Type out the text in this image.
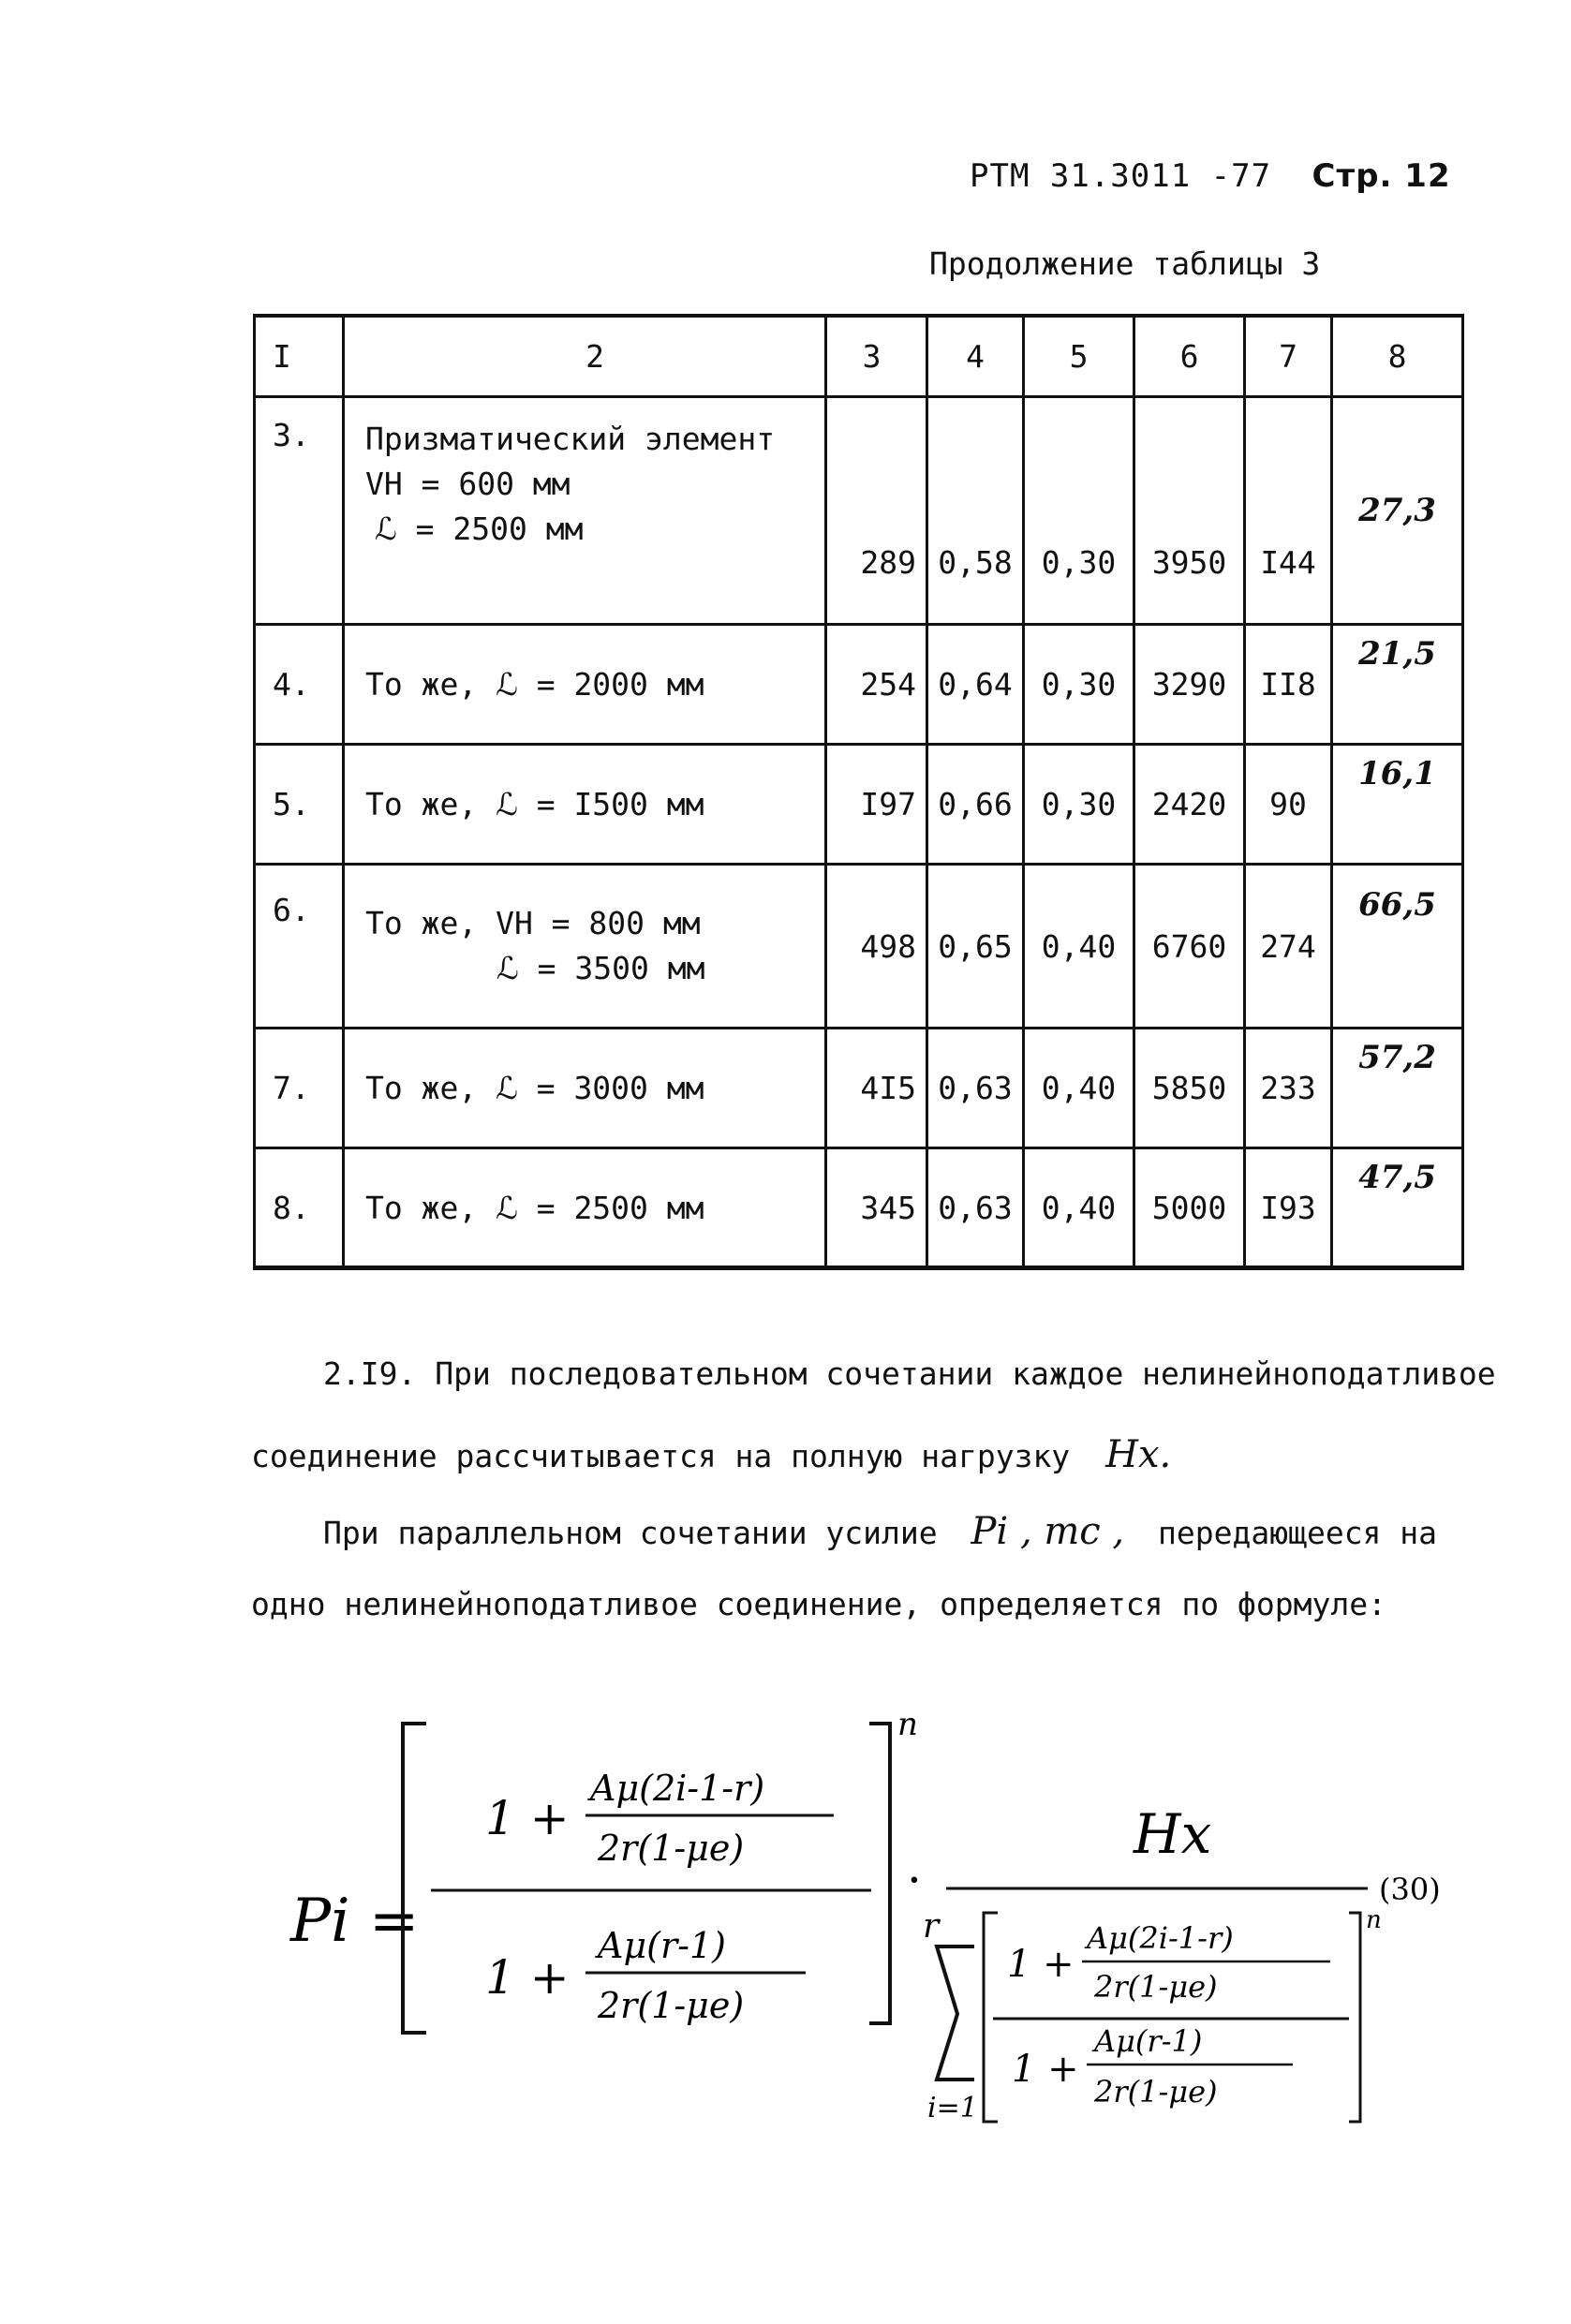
РТМ 31.3011 -77 Стр. 12
Продолжение таблицы 3
I	2	3	4	5	6	7	8
3.	Призматический элемент
VH = 600 мм
ℒ = 2500 мм	289	0,58	0,30	3950	I44	27,3
4.	То же, ℒ = 2000 мм	254	0,64	0,30	3290	II8	21,5
5.	То же, ℒ = I500 мм	I97	0,66	0,30	2420	90	16,1
6.	То же, VH = 800 мм
ℒ = 3500 мм	498	0,65	0,40	6760	274	66,5
7.	То же, ℒ = 3000 мм	4I5	0,63	0,40	5850	233	57,2
8.	То же, ℒ = 2500 мм	345	0,63	0,40	5000	I93	47,5
2.I9. При последовательном сочетании каждое нелинейноподатливое
соединение рассчитывается на полную нагрузку Hx.
При параллельном сочетании усилие Pi , тс , передающееся на
одно нелинейноподатливое соединение, определяется по формуле:
Pi =
n
1 +
Aμ(2i-1-r)
2r(1-μe)
1 +
Aμ(r-1)
2r(1-μe)
·
Hx
(30)
r
i=1
n
1 +
Aμ(2i-1-r)
2r(1-μe)
1 +
Aμ(r-1)
2r(1-μe)
